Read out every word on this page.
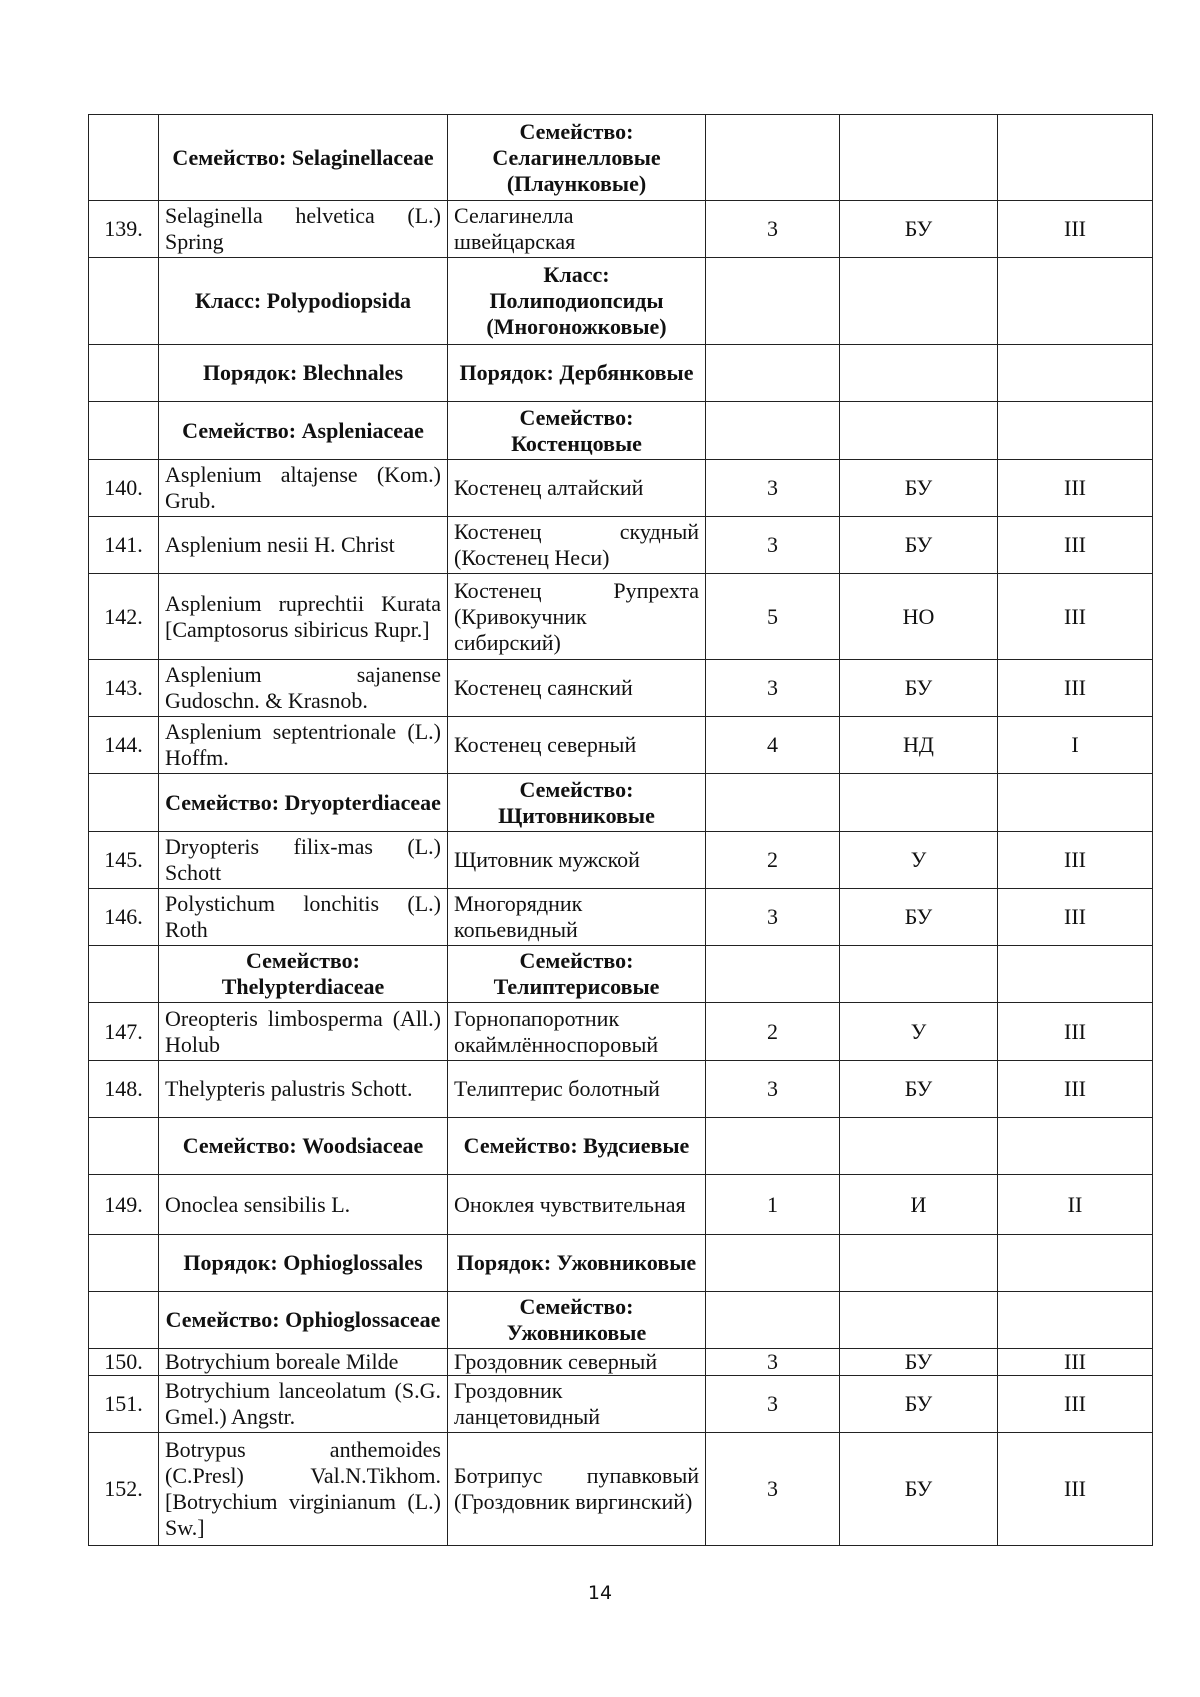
	Семейство: Selaginellaceae	Семейство: Селагинелловые (Плаунковые)			
139.	Selaginella helvetica (L.) Spring	Селагинелла швейцарская	3	БУ	III
	Класс: Polypodiopsida	Класс: Полиподиопсиды (Многоножковые)			
	Порядок: Blechnales	Порядок: Дербянковые			
	Семейство: Aspleniaceae	Семейство: Костенцовые			
140.	Asplenium altajense (Kom.) Grub.	Костенец алтайский	3	БУ	III
141.	Asplenium nesii H. Christ	Костенец скудный (Костенец Неси)	3	БУ	III
142.	Asplenium ruprechtii Kurata [Camptosorus sibiricus Rupr.]	Костенец Рупрехта (Кривокучник сибирский)	5	НО	III
143.	Asplenium sajanense Gudoschn. & Krasnob.	Костенец саянский	3	БУ	III
144.	Asplenium septentrionale (L.) Hoffm.	Костенец северный	4	НД	I
	Семейство: Dryopterdiaceae	Семейство: Щитовниковые			
145.	Dryopteris filix-mas (L.) Schott	Щитовник мужской	2	У	III
146.	Polystichum lonchitis (L.) Roth	Многорядник копьевидный	3	БУ	III
	Семейство: Thelypterdiaceae	Семейство: Телиптерисовые			
147.	Oreopteris limbosperma (All.) Holub	Горнопапоротник окаймлённоспоровый	2	У	III
148.	Thelypteris palustris Schott.	Телиптерис болотный	3	БУ	III
	Семейство: Woodsiaceae	Семейство: Вудсиевые			
149.	Onoclea sensibilis L.	Оноклея чувствительная	1	И	II
	Порядок: Ophioglossales	Порядок: Ужовниковые			
	Семейство: Ophioglossaceae	Семейство: Ужовниковые			
150.	Botrychium boreale Milde	Гроздовник северный	3	БУ	III
151.	Botrychium lanceolatum (S.G. Gmel.) Angstr.	Гроздовник ланцетовидный	3	БУ	III
152.	Botrypus anthemoides (C.Presl) Val.N.Tikhom. [Botrychium virginianum (L.) Sw.]	Ботрипус пупавковый (Гроздовник виргинский)	3	БУ	III
14
